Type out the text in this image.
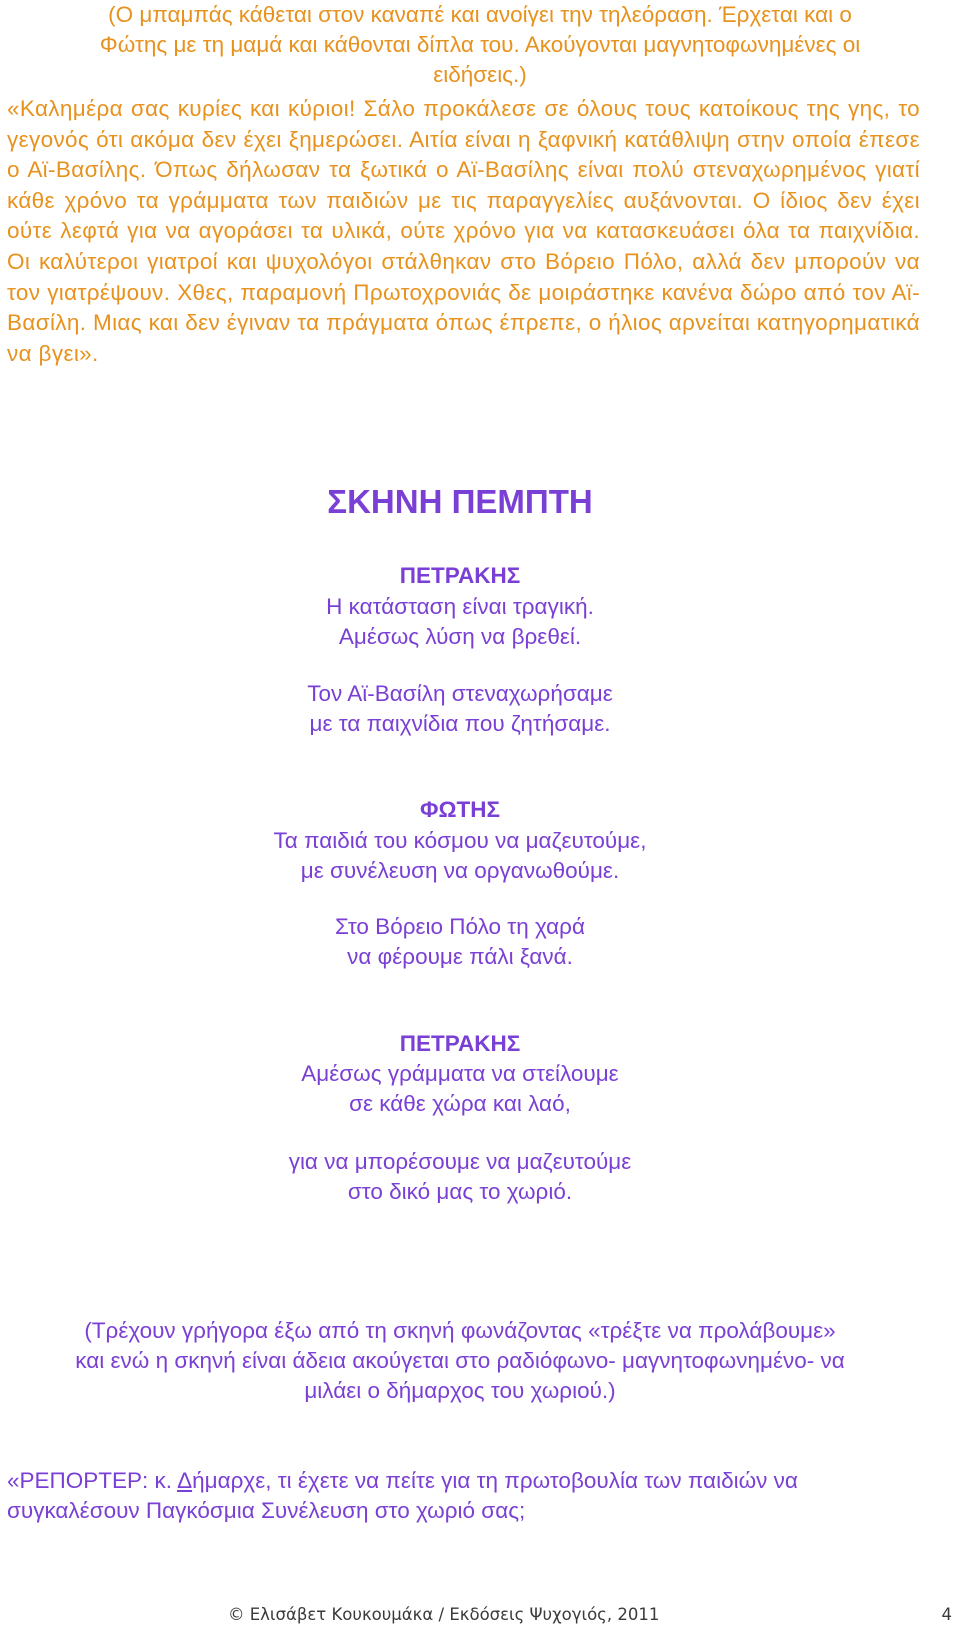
(Ο μπαμπάς κάθεται στον καναπέ και ανοίγει την τηλεόραση. Έρχεται και ο
Φώτης με τη μαμά και κάθονται δίπλα του. Ακούγονται μαγνητοφωνημένες οι
ειδήσεις.)

«Καλημέρα σας κυρίες και κύριοι! Σάλο προκάλεσε σε όλους τους κατοίκους της γης, το γεγονός ότι ακόμα δεν έχει ξημερώσει. Αιτία είναι η ξαφνική κατάθλιψη στην οποία έπεσε ο Αϊ-Βασίλης. Όπως δήλωσαν τα ξωτικά ο Αϊ-Βασίλης είναι πολύ στεναχωρημένος γιατί κάθε χρόνο τα γράμματα των παιδιών με τις παραγγελίες αυξάνονται. Ο ίδιος δεν έχει ούτε λεφτά για να αγοράσει τα υλικά, ούτε χρόνο για να κατασκευάσει όλα τα παιχνίδια. Οι καλύτεροι γιατροί και ψυχολόγοι στάλθηκαν στο Βόρειο Πόλο, αλλά δεν μπορούν να τον γιατρέψουν. Χθες, παραμονή Πρωτοχρονιάς δε μοιράστηκε κανένα δώρο από τον Αϊ-Βασίλη. Μιας και δεν έγιναν τα πράγματα όπως έπρεπε, ο ήλιος αρνείται κατηγορηματικά να βγει».

ΣΚΗΝΗ ΠΕΜΠΤΗ

ΠΕΤΡΑΚΗΣ

Η κατάσταση είναι τραγική.
Αμέσως λύση να βρεθεί.

Τον Αϊ-Βασίλη στεναχωρήσαμε
με τα παιχνίδια που ζητήσαμε.

ΦΩΤΗΣ

Τα παιδιά του κόσμου να μαζευτούμε,
με συνέλευση να οργανωθούμε.

Στο Βόρειο Πόλο τη χαρά
να φέρουμε πάλι ξανά.

ΠΕΤΡΑΚΗΣ

Αμέσως γράμματα να στείλουμε
σε κάθε χώρα και λαό,

για να μπορέσουμε να μαζευτούμε
στο δικό μας το χωριό.

(Τρέχουν γρήγορα έξω από τη σκηνή φωνάζοντας «τρέξτε να προλάβουμε»
και ενώ η σκηνή είναι άδεια ακούγεται στο ραδιόφωνο- μαγνητοφωνημένο- να
μιλάει ο δήμαρχος του χωριού.)

«ΡΕΠΟΡΤΕΡ: κ. Δήμαρχε, τι έχετε να πείτε για τη πρωτοβουλία των παιδιών να συγκαλέσουν Παγκόσμια Συνέλευση στο χωριό σας;

© Ελισάβετ Κουκουμάκα / Εκδόσεις Ψυχογιός, 2011	4
